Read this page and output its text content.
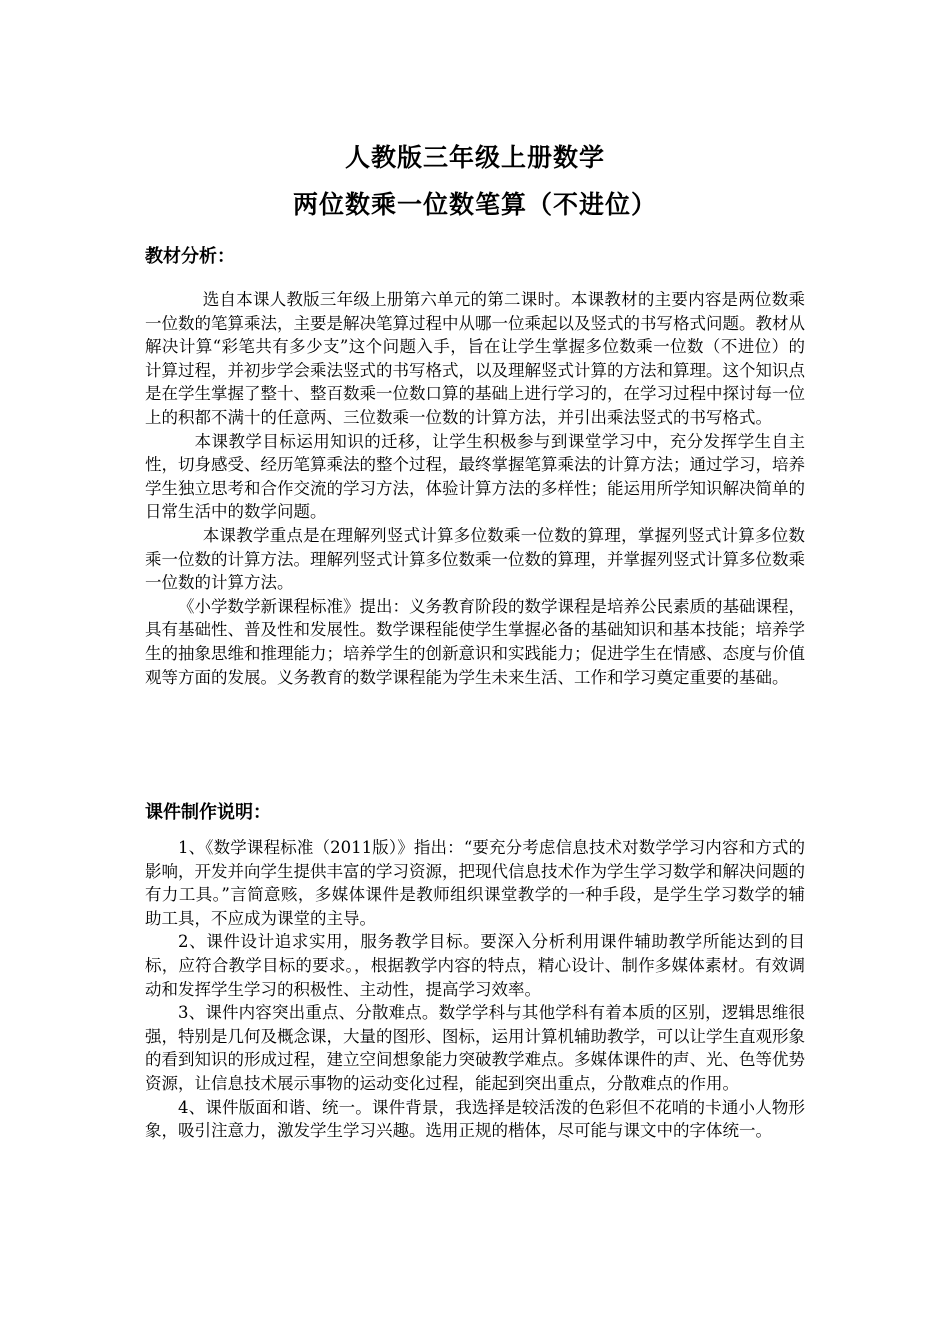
人教版三年级上册数学
两位数乘一位数笔算（不进位）
教材分析：

选自本课人教版三年级上册第六单元的第二课时。本课教材的主要内容是两位数乘一位数的笔算乘法，主要是解决笔算过程中从哪一位乘起以及竖式的书写格式问题。教材从解决计算“彩笔共有多少支”这个问题入手，旨在让学生掌握多位数乘一位数（不进位）的计算过程，并初步学会乘法竖式的书写格式，以及理解竖式计算的方法和算理。这个知识点是在学生掌握了整十、整百数乘一位数口算的基础上进行学习的，在学习过程中探讨每一位上的积都不满十的任意两、三位数乘一位数的计算方法，并引出乘法竖式的书写格式。

本课教学目标运用知识的迁移，让学生积极参与到课堂学习中，充分发挥学生自主性，切身感受、经历笔算乘法的整个过程，最终掌握笔算乘法的计算方法；通过学习，培养学生独立思考和合作交流的学习方法，体验计算方法的多样性；能运用所学知识解决简单的日常生活中的数学问题。

本课教学重点是在理解列竖式计算多位数乘一位数的算理，掌握列竖式计算多位数乘一位数的计算方法。理解列竖式计算多位数乘一位数的算理，并掌握列竖式计算多位数乘一位数的计算方法。

《小学数学新课程标准》提出：义务教育阶段的数学课程是培养公民素质的基础课程，具有基础性、普及性和发展性。数学课程能使学生掌握必备的基础知识和基本技能；培养学生的抽象思维和推理能力；培养学生的创新意识和实践能力；促进学生在情感、态度与价值观等方面的发展。义务教育的数学课程能为学生未来生活、工作和学习奠定重要的基础。

课件制作说明：

1、《数学课程标准（2011版）》指出：“要充分考虑信息技术对数学学习内容和方式的影响，开发并向学生提供丰富的学习资源，把现代信息技术作为学生学习数学和解决问题的有力工具。”言简意赅，多媒体课件是教师组织课堂教学的一种手段，是学生学习数学的辅助工具，不应成为课堂的主导。

2、课件设计追求实用，服务教学目标。要深入分析利用课件辅助教学所能达到的目标，应符合教学目标的要求。，根据教学内容的特点，精心设计、制作多媒体素材。有效调动和发挥学生学习的积极性、主动性，提高学习效率。

3、课件内容突出重点、分散难点。数学学科与其他学科有着本质的区别，逻辑思维很强，特别是几何及概念课，大量的图形、图标，运用计算机辅助教学，可以让学生直观形象的看到知识的形成过程，建立空间想象能力突破教学难点。多媒体课件的声、光、色等优势资源，让信息技术展示事物的运动变化过程，能起到突出重点，分散难点的作用。

4、课件版面和谐、统一。课件背景，我选择是较活泼的色彩但不花哨的卡通小人物形象，吸引注意力，激发学生学习兴趣。选用正规的楷体，尽可能与课文中的字体统一。
